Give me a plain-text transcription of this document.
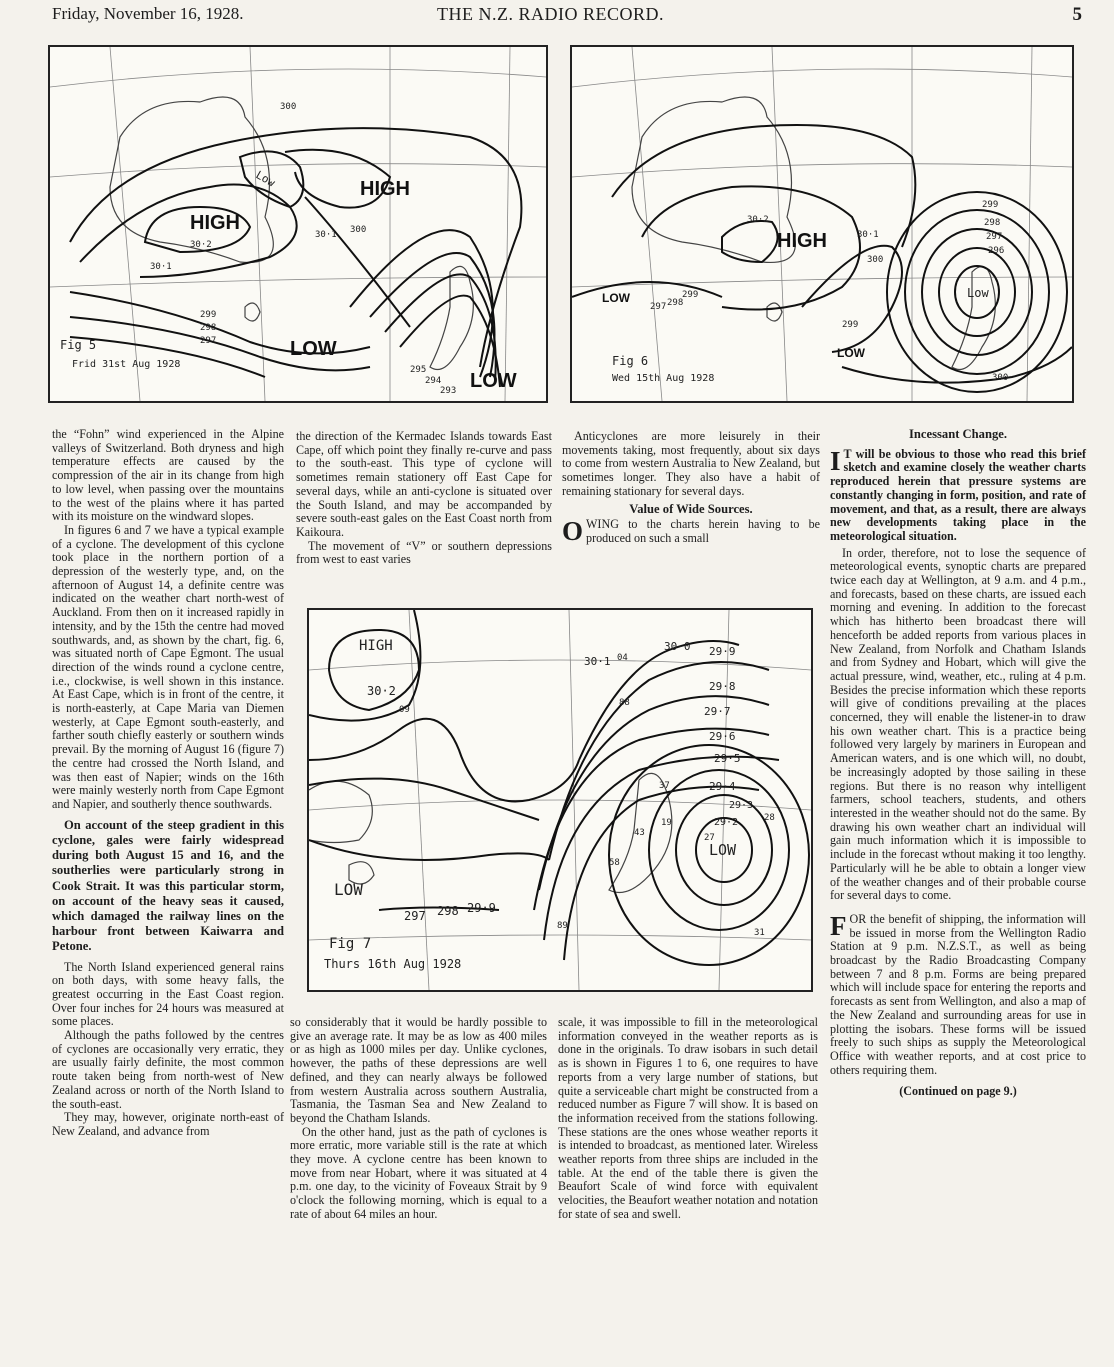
Friday, November 16, 1928.	THE N.Z. RADIO RECORD.	5
HIGH
HIGH
LOW
LOW
Low
30·2
30·1
300
299
298
297
300
30·1
295
294
293
Fig 5
Frid 31st Aug 1928
HIGH
LOW
LOW
Low
30·2
30·1
300
299
298
297
299
298
297
296
300
299
Fig 6
Wed 15th Aug 1928
HIGH
LOW
LOW
30·2
30·1
30·0 29·9
29·8
29·7
29·6
29·5
29·4
29·3
29·2
297 298 29·9
09
04
88
43
37
19
58
31
89
27
28
Fig 7
Thurs 16th Aug 1928

the “Fohn” wind experienced in the Alpine valleys of Switzerland. Both dryness and high temperature effects are caused by the compression of the air in its change from high to low level, when passing over the mountains to the west of the plains where it has parted with its moisture on the windward slopes.

In figures 6 and 7 we have a typical example of a cyclone. The development of this cyclone took place in the northern portion of a depression of the westerly type, and, on the afternoon of August 14, a definite centre was indicated on the weather chart north-west of Auckland. From then on it increased rapidly in intensity, and by the 15th the centre had moved southwards, and, as shown by the chart, fig. 6, was situated north of Cape Egmont. The usual direction of the winds round a cyclone centre, i.e., clockwise, is well shown in this instance. At East Cape, which is in front of the centre, it is north-easterly, at Cape Maria van Diemen westerly, at Cape Egmont south-easterly, and farther south chiefly easterly or southern winds prevail. By the morning of August 16 (figure 7) the centre had crossed the North Island, and was then east of Napier; winds on the 16th were mainly westerly north from Cape Egmont and Napier, and southerly thence southwards.

On account of the steep gradient in this cyclone, gales were fairly widespread during both August 15 and 16, and the southerlies were particularly strong in Cook Strait. It was this particular storm, on account of the heavy seas it caused, which damaged the railway lines on the harbour front between Kaiwarra and Petone.

The North Island experienced general rains on both days, with some heavy falls, the greatest occurring in the East Coast region. Over four inches for 24 hours was measured at some places.

Although the paths followed by the centres of cyclones are occasionally very erratic, they are usually fairly definite, the most common route taken being from north-west of New Zealand across or north of the North Island to the south-east.

They may, however, originate north-east of New Zealand, and advance from

the direction of the Kermadec Islands towards East Cape, off which point they finally re-curve and pass to the south-east. This type of cyclone will sometimes remain stationery off East Cape for several days, while an anti-cyclone is situated over the South Island, and may be accompanded by severe south-east gales on the East Coast north from Kaikoura.

The movement of “V” or southern depressions from west to east varies

Anticyclones are more leisurely in their movements taking, most frequently, about six days to come from western Australia to New Zealand, but sometimes longer. They also have a habit of remaining stationary for several days.

Value of Wide Sources.

OWING to the charts herein having to be produced on such a small

Incessant Change.

I T will be obvious to those who read this brief sketch and examine closely the weather charts reproduced herein that pressure systems are constantly changing in form, position, and rate of movement, and that, as a result, there are always new developments taking place in the meteorological situation.

In order, therefore, not to lose the sequence of meteorological events, synoptic charts are prepared twice each day at Wellington, at 9 a.m. and 4 p.m., and forecasts, based on these charts, are issued each morning and evening. In addition to the forecast which has hitherto been broadcast there will henceforth be added reports from various places in New Zealand, from Norfolk and Chatham Islands and from Sydney and Hobart, which will give the actual pressure, wind, weather, etc., ruling at 4 p.m. Besides the precise information which these reports will give of conditions prevailing at the places concerned, they will enable the listener-in to draw his own weather chart. This is a practice being followed very largely by mariners in European and American waters, and is one which will, no doubt, be increasingly adopted by those sailing in these regions. But there is no reason why intelligent farmers, school teachers, students, and others interested in the weather should not do the same. By drawing his own weather chart an individual will gain much information which it is impossible to include in the forecast wthout making it too lengthy. Particularly will he be able to obtain a longer view of the weather changes and of their probable course for several days to come.

FOR the benefit of shipping, the information will be issued in morse from the Wellington Radio Station at 9 p.m. N.Z.S.T., as well as being broadcast by the Radio Broadcasting Company between 7 and 8 p.m. Forms are being prepared which will include space for entering the reports and forecasts as sent from Wellington, and also a map of the New Zealand and surrounding areas for use in plotting the isobars. These forms will be issued freely to such ships as supply the Meteorological Office with weather reports, and at cost price to others requiring them.

(Continued on page 9.)

so considerably that it would be hardly possible to give an average rate. It may be as low as 400 miles or as high as 1000 miles per day. Unlike cyclones, however, the paths of these depressions are well defined, and they can nearly always be followed from western Australia across southern Australia, Tasmania, the Tasman Sea and New Zealand to beyond the Chatham Islands.

On the other hand, just as the path of cyclones is more erratic, more variable still is the rate at which they move. A cyclone centre has been known to move from near Hobart, where it was situated at 4 p.m. one day, to the vicinity of Foveaux Strait by 9 o'clock the following morning, which is equal to a rate of about 64 miles an hour.

scale, it was impossible to fill in the meteorological information conveyed in the weather reports as is done in the originals. To draw isobars in such detail as is shown in Figures 1 to 6, one requires to have reports from a very large number of stations, but quite a serviceable chart might be constructed from a reduced number as Figure 7 will show. It is based on the information received from the stations following. These stations are the ones whose weather reports it is intended to broadcast, as mentioned later. Wireless weather reports from three ships are included in the table. At the end of the table there is given the Beaufort Scale of wind force with equivalent velocities, the Beaufort weather notation and notation for state of sea and swell.
